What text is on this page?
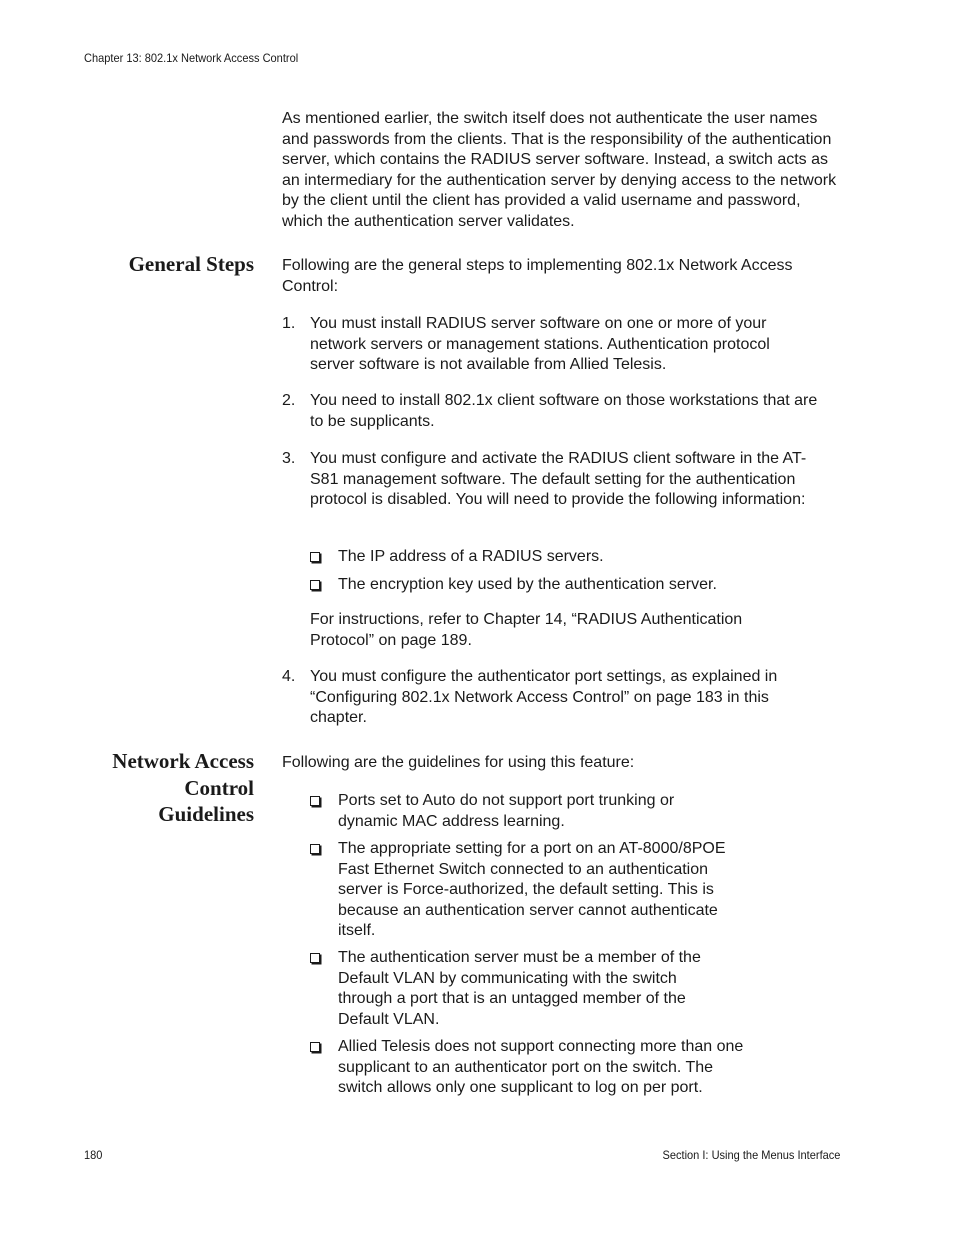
Chapter 13: 802.1x Network Access Control
As mentioned earlier, the switch itself does not authenticate the user names and passwords from the clients. That is the responsibility of the authentication server, which contains the RADIUS server software. Instead, a switch acts as an intermediary for the authentication server by denying access to the network by the client until the client has provided a valid username and password, which the authentication server validates.
General Steps Following are the general steps to implementing 802.1x Network Access Control:
1. You must install RADIUS server software on one or more of your network servers or management stations. Authentication protocol server software is not available from Allied Telesis.
2. You need to install 802.1x client software on those workstations that are to be supplicants.
3. You must configure and activate the RADIUS client software in the AT-S81 management software. The default setting for the authentication protocol is disabled. You will need to provide the following information:
The IP address of a RADIUS servers.
The encryption key used by the authentication server.
For instructions, refer to Chapter 14, “RADIUS Authentication Protocol” on page 189.
4. You must configure the authenticator port settings, as explained in “Configuring 802.1x Network Access Control” on page 183 in this chapter.
Network Access
Control
Guidelines
Following are the guidelines for using this feature:
Ports set to Auto do not support port trunking or dynamic MAC address learning.
The appropriate setting for a port on an AT-8000/8POE Fast Ethernet Switch connected to an authentication server is Force-authorized, the default setting. This is because an authentication server cannot authenticate itself.
The authentication server must be a member of the Default VLAN by communicating with the switch through a port that is an untagged member of the Default VLAN.
Allied Telesis does not support connecting more than one supplicant to an authenticator port on the switch. The switch allows only one supplicant to log on per port.
180	Section I: Using the Menus Interface
